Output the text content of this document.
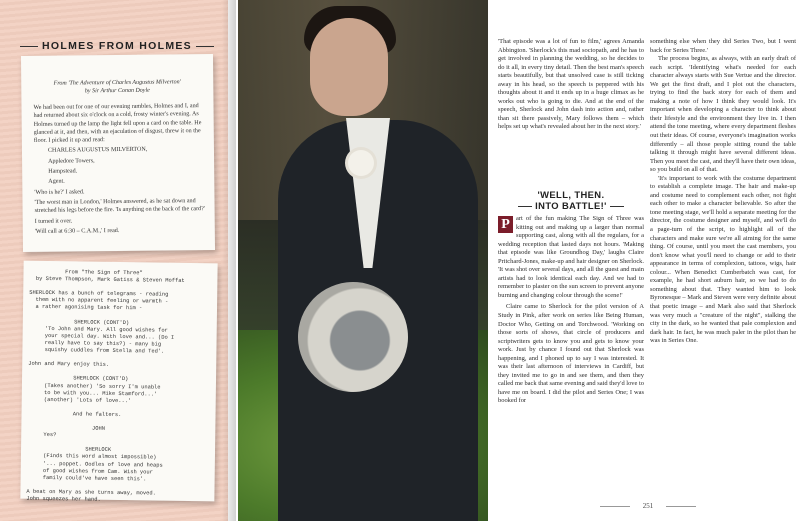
HOLMES FROM HOLMES
From 'The Adventure of Charles Augustus Milverton'
by Sir Arthur Conan Doyle

We had been out for one of our evening rambles, Holmes and I, and had returned about six o'clock on a cold, frosty winter's evening. As Holmes turned up the lamp the light fell upon a card on the table. He glanced at it, and then, with an ejaculation of disgust, threw it on the floor. I picked it up and read:

CHARLES AUGUSTUS MILVERTON,

Appledore Towers,

Hampstead.

Agent.

'Who is he?' I asked.

'The worst man in London,' Holmes answered, as he sat down and stretched his legs before the fire. 'Is anything on the back of the card?'

I turned it over.

'Will call at 6:30 – C.A.M.,' I read.

From "The Sign of Three"
by Steve Thompson, Mark Gatiss & Steven Moffat

SHERLOCK has a bunch of telegrams - reading
them with no apparent feeling or warmth -
a rather agonising task for him -

SHERLOCK (CONT'D)
'To John and Mary. All good wishes for
your special day. With love and... (Do I
really have to say this?) - many big
squishy cuddles from Stella and Ted'.

John and Mary enjoy this.

SHERLOCK (CONT'D)
(Takes another) 'So sorry I'm unable
to be with you... Mike Stamford...'
(another) 'Lots of love...'

And he falters.

JOHN
Yes?

SHERLOCK
(Finds this word almost impossible)
'... poppet. Oodles of love and heaps
of good wishes from Cam. Wish your
family could've have seen this'.

A beat on Mary as she turns away, moved.
John squeezes her hand.

'That episode was a lot of fun to film,' agrees Amanda Abbington. 'Sherlock's this mad sociopath, and he has to get involved in planning the wedding, so he decides to do it all, in every tiny detail. Then the best man's speech starts beautifully, but that unsolved case is still ticking away in his head, so the speech is peppered with his thoughts about it and it ends up in a huge climax as he works out who is going to die. And at the end of the speech, Sherlock and John dash into action and, rather than sit there passively, Mary follows them – which helps set up what's revealed about her in the next story.'

'WELL, THEN.
INTO BATTLE!'

P art of the fun making The Sign of Three was kitting out and making up a larger than normal supporting cast, along with all the regulars, for a wedding reception that lasted days not hours. 'Making that episode was like Groundhog Day,' laughs Claire Pritchard-Jones, make-up and hair designer on Sherlock. 'It was shot over several days, and all the guest and main artists had to look identical each day. And we had to remember to plaster on the sun screen to prevent anyone burning and changing colour through the scene!'

Claire came to Sherlock for the pilot version of A Study in Pink, after work on series like Being Human, Doctor Who, Getting on and Torchwood. 'Working on those sorts of shows, that circle of producers and scriptwriters gets to know you and gets to know your work. Just by chance I found out that Sherlock was happening, and I phoned up to say I was interested. It was their last afternoon of interviews in Cardiff, but they invited me to go in and see them, and then they called me back that same evening and said they'd love to have me on board. I did the pilot and Series One; I was booked for

something else when they did Series Two, but I went back for Series Three.'

The process begins, as always, with an early draft of each script. 'Identifying what's needed for each character always starts with Sue Vertue and the director. We get the first draft, and I plot out the characters, trying to find the back story for each of them and making a note of how I think they would look. It's important when developing a character to think about their lifestyle and the environment they live in. I then attend the tone meeting, where every department fleshes out their ideas. Of course, everyone's imagination works differently – all those people sitting round the table talking it through might have several different ideas. Then you meet the cast, and they'll have their own ideas, so you build on all of that.

'It's important to work with the costume department to establish a complete image. The hair and make-up and costume need to complement each other, not fight each other to make a character believable. So after the tone meeting stage, we'll hold a separate meeting for the director, the costume designer and myself, and we'll do a page-turn of the script, to highlight all of the characters and make sure we're all aiming for the same thing. Of course, until you meet the cast members, you don't know what you'll need to change or add to their appearance in terms of complexion, tattoos, wigs, hair colour... When Benedict Cumberbatch was cast, for example, he had short auburn hair, so we had to do something about that. They wanted him to look Byronesque – Mark and Steven were very definite about that poetic image – and Mark also said that Sherlock was very much a "creature of the night", stalking the city in the dark, so he wanted that pale complexion and dark hair. In fact, he was much paler in the pilot than he was in Series One.

251
